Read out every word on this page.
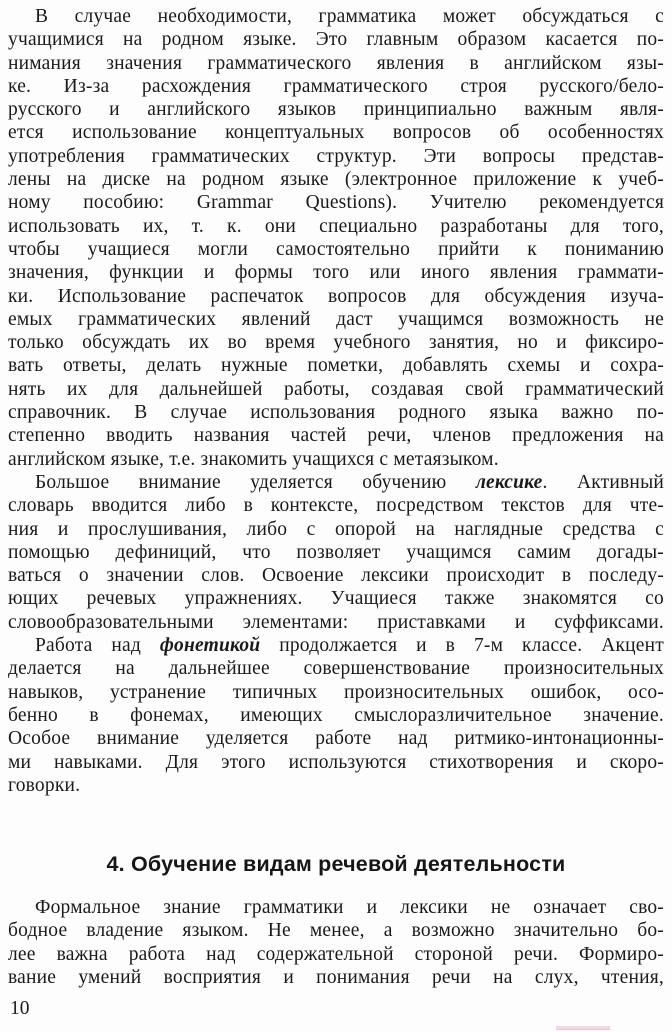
В случае необходимости, грамматика может обсуждаться с
учащимися на родном языке. Это главным образом касается по-
нимания значения грамматического явления в английском язы-
ке. Из-за расхождения грамматического строя русского/бело-
русского и английского языков принципиально важным явля-
ется использование концептуальных вопросов об особенностях
употребления грамматических структур. Эти вопросы представ-
лены на диске на родном языке (электронное приложение к учеб-
ному пособию: Grammar Questions). Учителю рекомендуется
использовать их, т. к. они специально разработаны для того,
чтобы учащиеся могли самостоятельно прийти к пониманию
значения, функции и формы того или иного явления граммати-
ки. Использование распечаток вопросов для обсуждения изуча-
емых грамматических явлений даст учащимся возможность не
только обсуждать их во время учебного занятия, но и фиксиро-
вать ответы, делать нужные пометки, добавлять схемы и сохра-
нять их для дальнейшей работы, создавая свой грамматический
справочник. В случае использования родного языка важно по-
степенно вводить названия частей речи, членов предложения на
английском языке, т.е. знакомить учащихся с метаязыком.
Большое внимание уделяется обучению лексике. Активный
словарь вводится либо в контексте, посредством текстов для чте-
ния и прослушивания, либо с опорой на наглядные средства с
помощью дефиниций, что позволяет учащимся самим догады-
ваться о значении слов. Освоение лексики происходит в последу-
ющих речевых упражнениях. Учащиеся также знакомятся со
словообразовательными элементами: приставками и суффиксами.
Работа над фонетикой продолжается и в 7-м классе. Акцент
делается на дальнейшее совершенствование произносительных
навыков, устранение типичных произносительных ошибок, осо-
бенно в фонемах, имеющих смыслоразличительное значение.
Особое внимание уделяется работе над ритмико-интонационны-
ми навыками. Для этого используются стихотворения и скоро-
говорки.
4. Обучение видам речевой деятельности
Формальное знание грамматики и лексики не означает сво-
бодное владение языком. Не менее, а возможно значительно бо-
лее важна работа над содержательной стороной речи. Формиро-
вание умений восприятия и понимания речи на слух, чтения,
10
